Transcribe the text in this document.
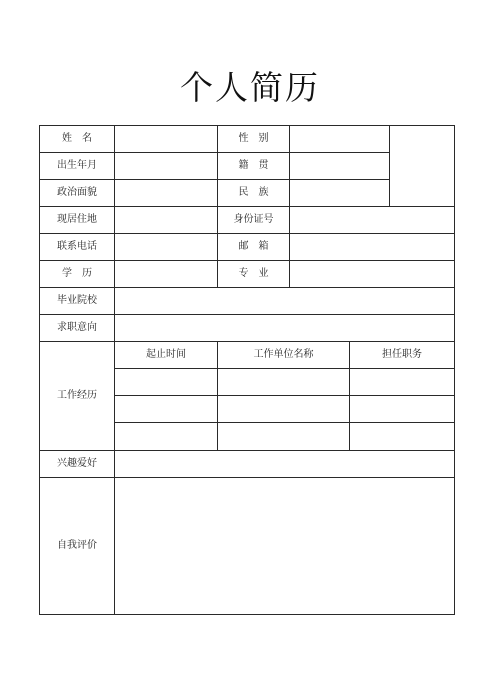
个人简历
姓　名	性　别
出生年月	籍　贯
政治面貌	民　族
现居住地	身份证号
联系电话	邮　箱
学　历	专　业
毕业院校
求职意向
工作经历
起止时间	工作单位名称	担任职务
兴趣爱好
自我评价
